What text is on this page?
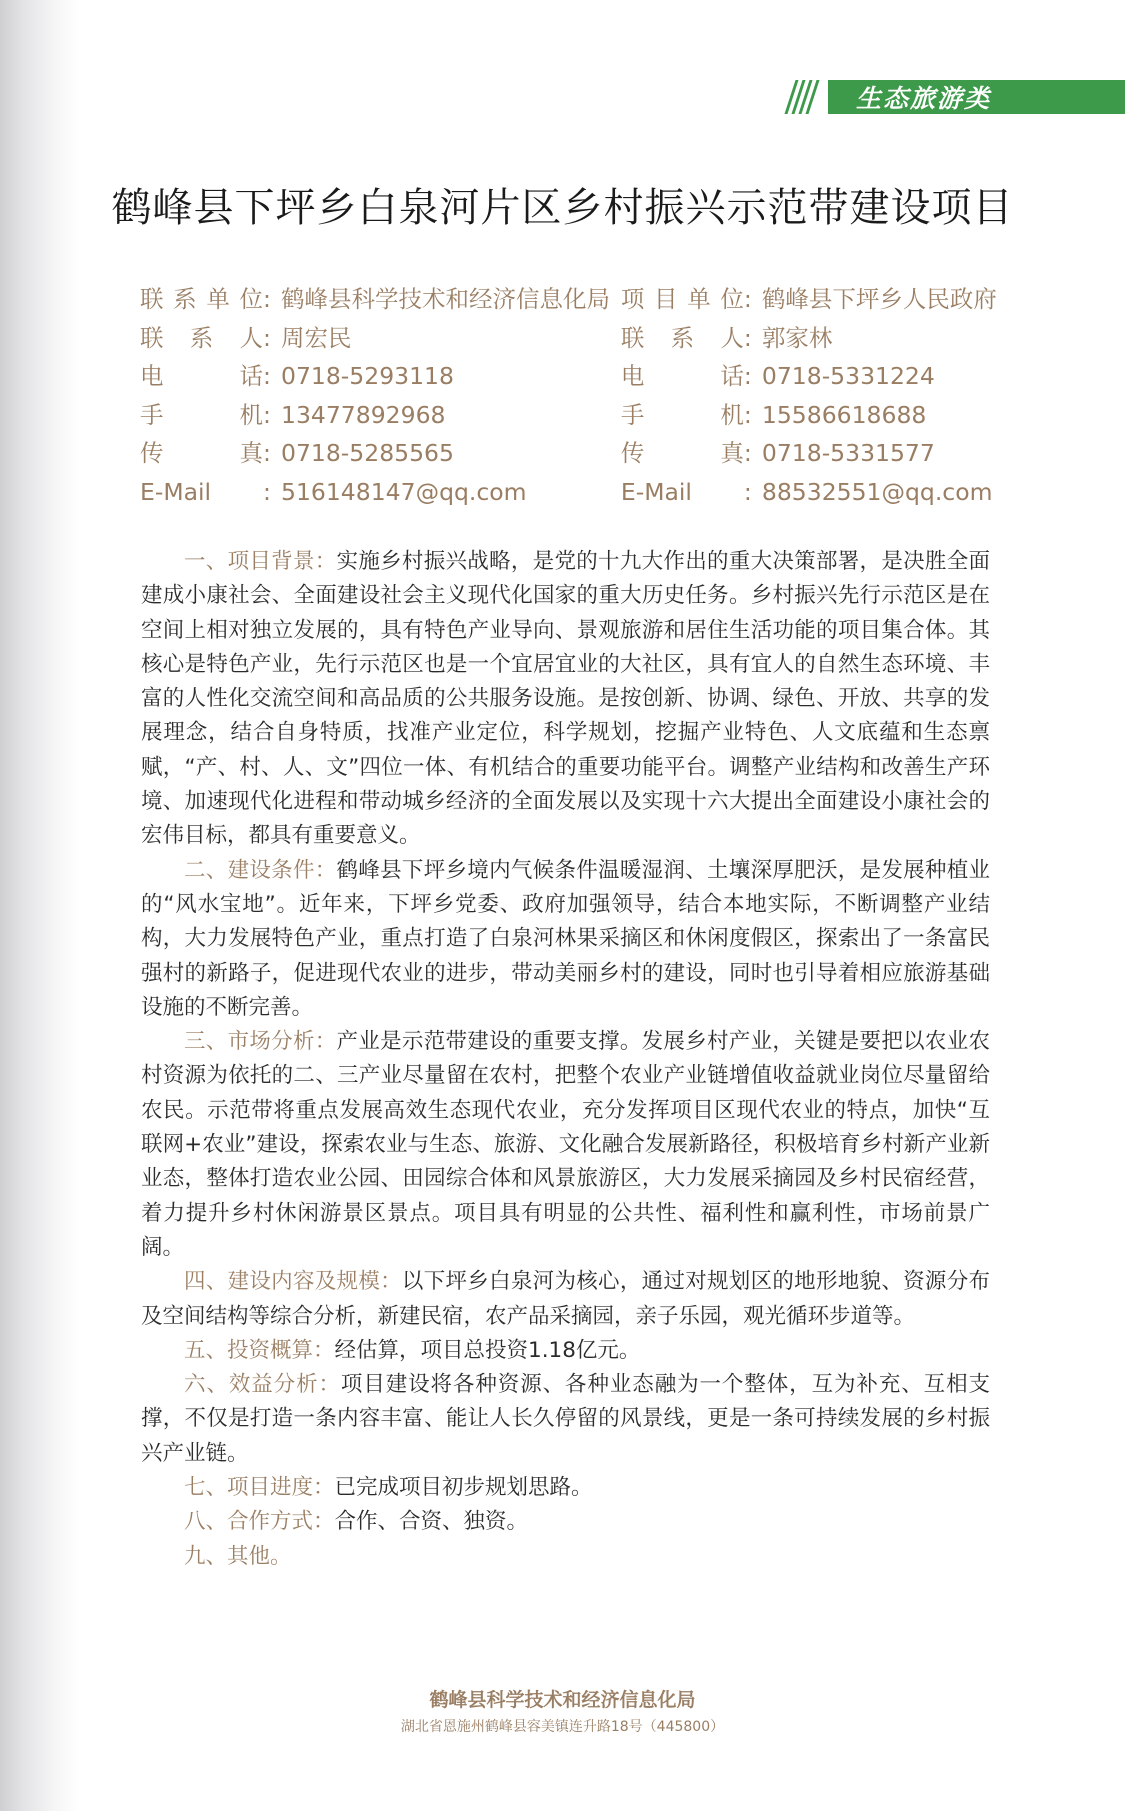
生态旅游类
鹤峰县下坪乡白泉河片区乡村振兴示范带建设项目
联系单位 : 鹤峰县科学技术和经济信息化局
联 系 人 : 周宏民
电　　话 : 0718-5293118
手　　机 : 13477892968
传　　真 : 0718-5285565
E-Mail	: 516148147@qq.com
项目单位 : 鹤峰县下坪乡人民政府
联 系 人 : 郭家林
电　　话 : 0718-5331224
手　　机 : 15586618688
传　　真 : 0718-5331577
E-Mail	: 88532551@qq.com

一、项目背景：实施乡村振兴战略，是党的十九大作出的重大决策部署，是决胜全面建成小康社会、全面建设社会主义现代化国家的重大历史任务。乡村振兴先行示范区是在空间上相对独立发展的，具有特色产业导向、景观旅游和居住生活功能的项目集合体。其核心是特色产业，先行示范区也是一个宜居宜业的大社区，具有宜人的自然生态环境、丰富的人性化交流空间和高品质的公共服务设施。是按创新、协调、绿色、开放、共享的发展理念，结合自身特质，找准产业定位，科学规划，挖掘产业特色、人文底蕴和生态禀赋，“产、村、人、文”四位一体、有机结合的重要功能平台。调整产业结构和改善生产环境、加速现代化进程和带动城乡经济的全面发展以及实现十六大提出全面建设小康社会的宏伟目标，都具有重要意义。

二、建设条件：鹤峰县下坪乡境内气候条件温暖湿润、土壤深厚肥沃，是发展种植业的“风水宝地”。近年来，下坪乡党委、政府加强领导，结合本地实际，不断调整产业结构，大力发展特色产业，重点打造了白泉河林果采摘区和休闲度假区，探索出了一条富民强村的新路子，促进现代农业的进步，带动美丽乡村的建设，同时也引导着相应旅游基础设施的不断完善。

三、市场分析：产业是示范带建设的重要支撑。发展乡村产业，关键是要把以农业农村资源为依托的二、三产业尽量留在农村，把整个农业产业链增值收益就业岗位尽量留给农民。示范带将重点发展高效生态现代农业，充分发挥项目区现代农业的特点，加快“互联网+农业”建设，探索农业与生态、旅游、文化融合发展新路径，积极培育乡村新产业新业态，整体打造农业公园、田园综合体和风景旅游区，大力发展采摘园及乡村民宿经营，着力提升乡村休闲游景区景点。项目具有明显的公共性、福利性和赢利性，市场前景广阔。

四、建设内容及规模：以下坪乡白泉河为核心，通过对规划区的地形地貌、资源分布及空间结构等综合分析，新建民宿，农产品采摘园，亲子乐园，观光循环步道等。

五、投资概算：经估算，项目总投资1.18亿元。

六、效益分析：项目建设将各种资源、各种业态融为一个整体，互为补充、互相支撑，不仅是打造一条内容丰富、能让人长久停留的风景线，更是一条可持续发展的乡村振兴产业链。

七、项目进度：已完成项目初步规划思路。

八、合作方式：合作、合资、独资。

九、其他。

鹤峰县科学技术和经济信息化局
湖北省恩施州鹤峰县容美镇连升路18号（445800）
